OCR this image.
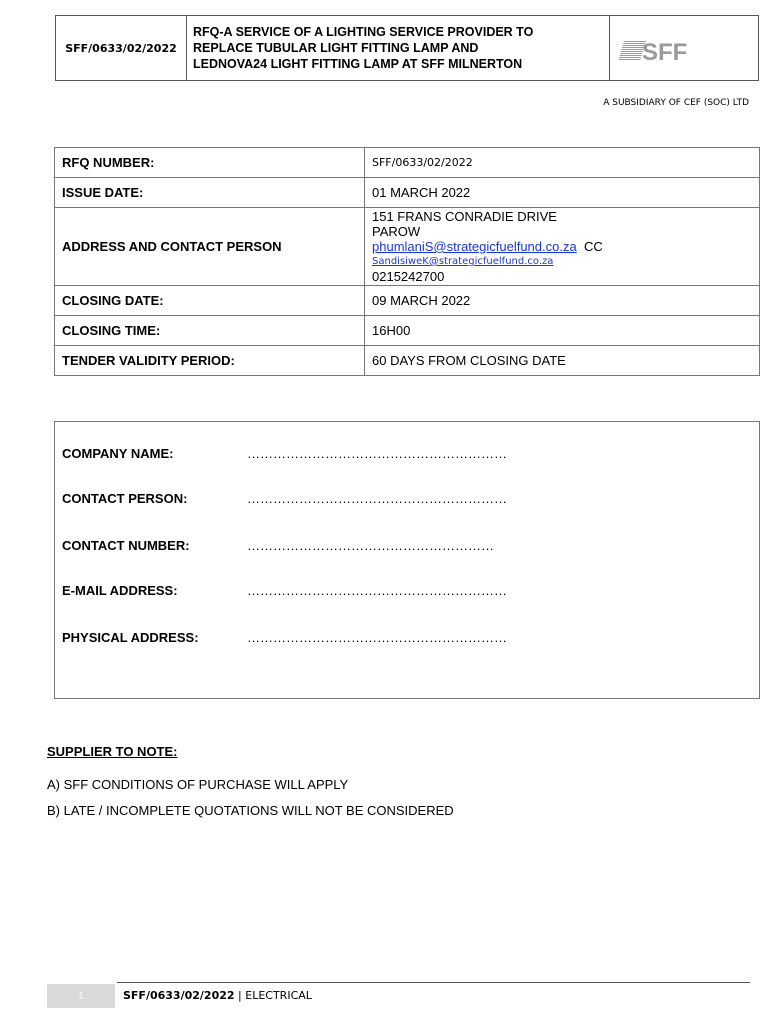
SFF/0633/02/2022
RFQ-A SERVICE OF A LIGHTING SERVICE PROVIDER TO
REPLACE TUBULAR LIGHT FITTING LAMP AND
LEDNOVA24 LIGHT FITTING LAMP AT SFF MILNERTON	SFF
A SUBSIDIARY OF CEF (SOC) LTD
RFQ NUMBER:	SFF/0633/02/2022
ISSUE DATE:	01 MARCH 2022
ADDRESS AND CONTACT PERSON	151 FRANS CONRADIE DRIVE
PAROW
phumlaniS@strategicfuelfund.co.za CC
SandisiweK@strategicfuelfund.co.za
0215242700

CLOSING DATE:	09 MARCH 2022
CLOSING TIME:	16H00
TENDER VALIDITY PERIOD:	60 DAYS FROM CLOSING DATE
COMPANY NAME:	……………………………………………………
CONTACT PERSON:	……………………………………………………
CONTACT NUMBER:	…………………………………………………
E-MAIL ADDRESS:	……………………………………………………
PHYSICAL ADDRESS:	……………………………………………………
SUPPLIER TO NOTE:
A) SFF CONDITIONS OF PURCHASE WILL APPLY
B) LATE / INCOMPLETE QUOTATIONS WILL NOT BE CONSIDERED
1	SFF/0633/02/2022 | ELECTRICAL
